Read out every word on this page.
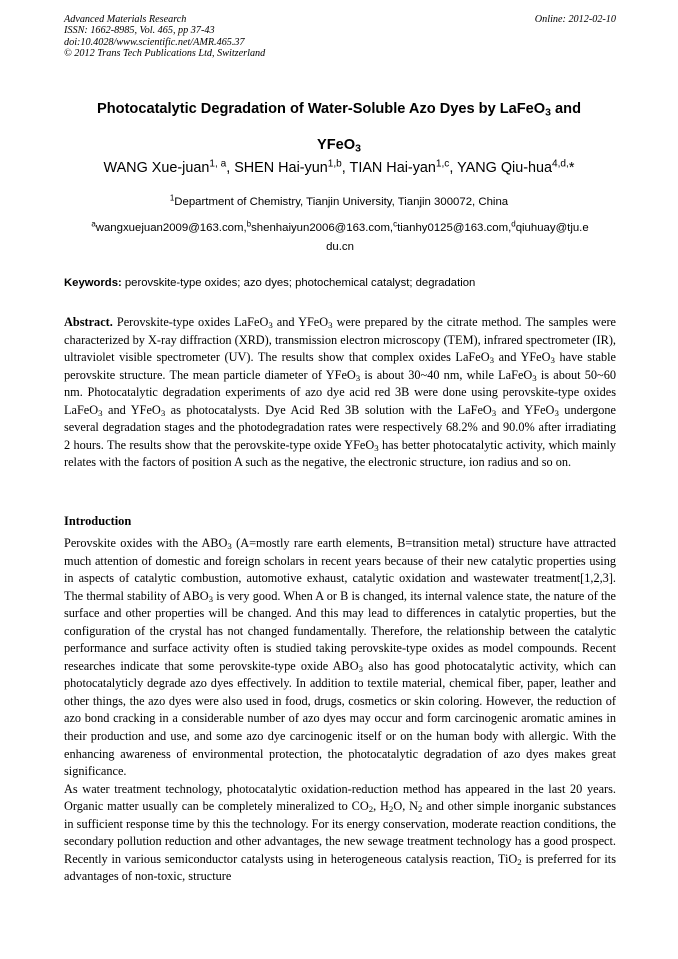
Advanced Materials Research
ISSN: 1662-8985, Vol. 465, pp 37-43
doi:10.4028/www.scientific.net/AMR.465.37
© 2012 Trans Tech Publications Ltd, Switzerland
Online: 2012-02-10
Photocatalytic Degradation of Water-Soluble Azo Dyes by LaFeO$_3$ and
YFeO$_3$
WANG Xue-juan$^{1, a}$, SHEN Hai-yun$^{1,b}$, TIAN Hai-yan$^{1,c}$, YANG Qiu-hua$^{4,d,}$*
$^1$Department of Chemistry, Tianjin University, Tianjin 300072, China
$^a$wangxuejuan2009@163.com,$^b$shenhaiyun2006@163.com,$^c$tianhy0125@163.com,$^d$qiuhuay@tju.e
du.cn
Keywords: perovskite-type oxides; azo dyes; photochemical catalyst; degradation
Abstract. Perovskite-type oxides LaFeO$_3$ and YFeO$_3$ were prepared by the citrate method. The samples were characterized by X-ray diffraction (XRD), transmission electron microscopy (TEM), infrared spectrometer (IR), ultraviolet visible spectrometer (UV). The results show that complex oxides LaFeO$_3$ and YFeO$_3$ have stable perovskite structure. The mean particle diameter of YFeO$_3$ is about 30~40 nm, while LaFeO$_3$ is about 50~60 nm. Photocatalytic degradation experiments of azo dye acid red 3B were done using perovskite-type oxides LaFeO$_3$ and YFeO$_3$ as photocatalysts. Dye Acid Red 3B solution with the LaFeO$_3$ and YFeO$_3$ undergone several degradation stages and the photodegradation rates were respectively 68.2% and 90.0% after irradiating 2 hours. The results show that the perovskite-type oxide YFeO$_3$ has better photocatalytic activity, which mainly relates with the factors of position A such as the negative, the electronic structure, ion radius and so on.
Introduction

Perovskite oxides with the $ABO_3$ (A=mostly rare earth elements, B=transition metal) structure have attracted much attention of domestic and foreign scholars in recent years because of their new catalytic properties using in aspects of catalytic combustion, automotive exhaust, catalytic oxidation and wastewater treatment[1,2,3]. The thermal stability of $ABO_3$ is very good. When A or B is changed, its internal valence state, the nature of the surface and other properties will be changed. And this may lead to differences in catalytic properties, but the configuration of the crystal has not changed fundamentally. Therefore, the relationship between the catalytic performance and surface activity often is studied taking perovskite-type oxides as model compounds. Recent researches indicate that some perovskite-type oxide $ABO_3$ also has good photocatalytic activity, which can photocatalyticly degrade azo dyes effectively. In addition to textile material, chemical fiber, paper, leather and other things, the azo dyes were also used in food, drugs, cosmetics or skin coloring. However, the reduction of azo bond cracking in a considerable number of azo dyes may occur and form carcinogenic aromatic amines in their production and use, and some azo dye carcinogenic itself or on the human body with allergic. With the enhancing awareness of environmental protection, the photocatalytic degradation of azo dyes makes great significance.

As water treatment technology, photocatalytic oxidation-reduction method has appeared in the last 20 years. Organic matter usually can be completely mineralized to $CO_2$, $H_2O$, $N_2$ and other simple inorganic substances in sufficient response time by this the technology. For its energy conservation, moderate reaction conditions, the secondary pollution reduction and other advantages, the new sewage treatment technology has a good prospect. Recently in various semiconductor catalysts using in heterogeneous catalysis reaction, TiO$_2$ is preferred for its advantages of non-toxic, structure
